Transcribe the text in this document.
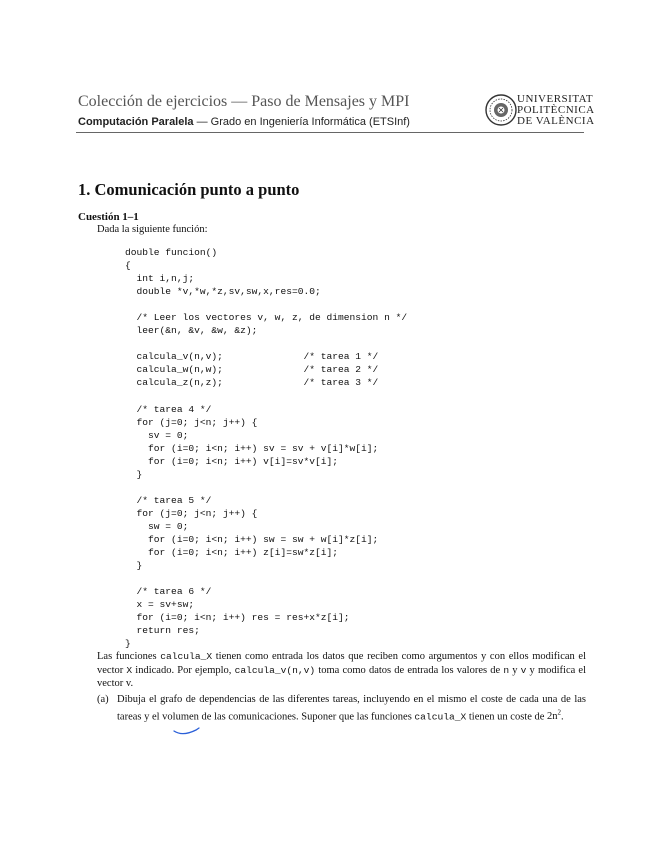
Colección de ejercicios — Paso de Mensajes y MPI
Computación Paralela — Grado en Ingeniería Informática (ETSInf)
UNIVERSITAT
POLITÈCNICA
DE VALÈNCIA
1. Comunicación punto a punto
Cuestión 1–1
Dada la siguiente función:
double funcion()
{
int i,n,j;
double *v,*w,*z,sv,sw,x,res=0.0;

/* Leer los vectores v, w, z, de dimension n */
leer(&n, &v, &w, &z);

calcula_v(n,v);              /* tarea 1 */
calcula_w(n,w);              /* tarea 2 */
calcula_z(n,z);              /* tarea 3 */

/* tarea 4 */
for (j=0; j<n; j++) {
sv = 0;
for (i=0; i<n; i++) sv = sv + v[i]*w[i];
for (i=0; i<n; i++) v[i]=sv*v[i];
}

/* tarea 5 */
for (j=0; j<n; j++) {
sw = 0;
for (i=0; i<n; i++) sw = sw + w[i]*z[i];
for (i=0; i<n; i++) z[i]=sw*z[i];
}

/* tarea 6 */
x = sv+sw;
for (i=0; i<n; i++) res = res+x*z[i];
return res;
}
Las funciones calcula_X tienen como entrada los datos que reciben como argumentos y con ellos modifican el vector X indicado. Por ejemplo, calcula_v(n,v) toma como datos de entrada los valores de n y v y modifica el vector v.
(a) Dibuja el grafo de dependencias de las diferentes tareas, incluyendo en el mismo el coste de cada una de las tareas y el volumen de las comunicaciones. Suponer que las funciones calcula_X tienen un coste de $2n^2$.
